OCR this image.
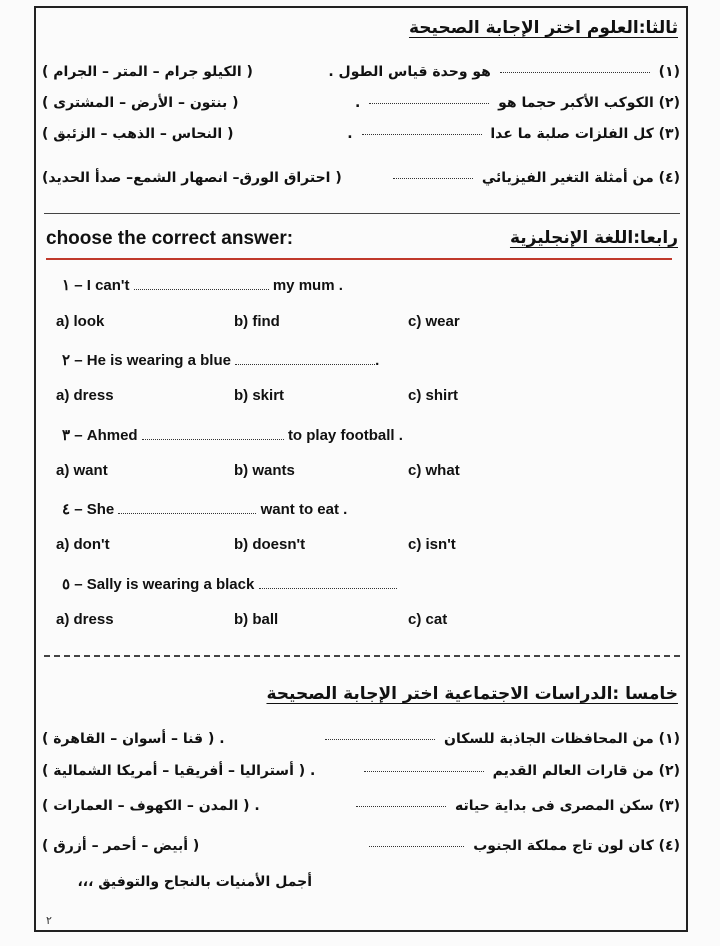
ثالثا:العلوم اختر الإجابة الصحيحة
(١)  هو وحدة قياس الطول .
( الكيلو جرام – المتر – الجرام )
(٢) الكوكب الأكبر حجما هو  .
( بنتون – الأرض – المشترى )
(٣) كل الفلزات صلبة ما عدا  .
( النحاس – الذهب – الزئبق )
(٤) من أمثلة التغير الفيزيائي
( احتراق الورق– انصهار الشمع– صدأ الحديد)
choose the correct answer:	رابعا:اللغة الإنجليزية
١ – I can't	my mum .
a) look	b) find	c) wear
٢ – He is wearing a blue	.
a) dress	b) skirt	c) shirt
٣ – Ahmed	to play football .
a) want	b) wants	c) what
٤ – She	want to eat .
a) don't	b) doesn't	c) isn't
٥ – Sally is wearing a black
a) dress	b) ball	c) cat
خامسا :الدراسات الاجتماعية اختر الإجابة الصحيحة
(١) من المحافظات الجاذبة للسكان
. ( قنا – أسوان – القاهرة )
(٢) من قارات العالم القديم
. ( أستراليا – أفريقيا – أمريكا الشمالية )
(٣) سكن المصرى فى بداية حياته
. ( المدن – الكهوف – العمارات )
(٤) كان لون تاج مملكة الجنوب
( أبيض – أحمر – أزرق )
أجمل الأمنيات بالنجاح والتوفيق ،،،
٢
